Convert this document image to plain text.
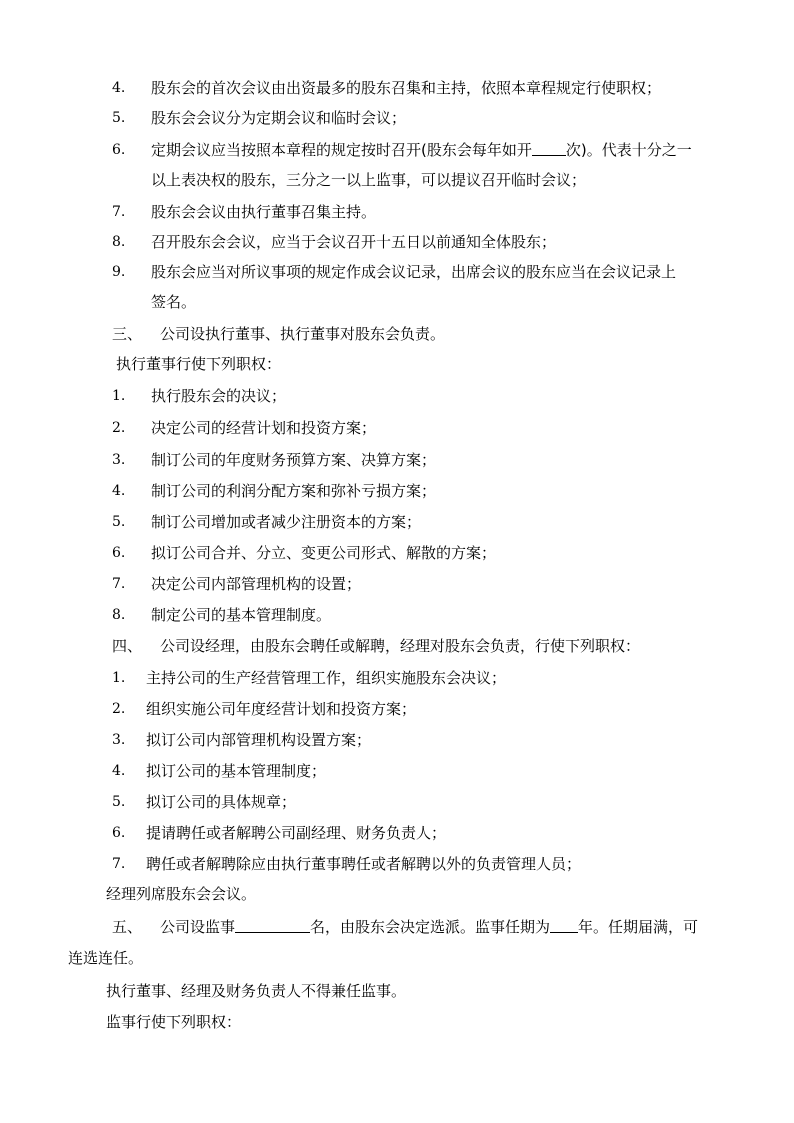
4. 股东会的首次会议由出资最多的股东召集和主持，依照本章程规定行使职权；
5. 股东会会议分为定期会议和临时会议；
6. 定期会议应当按照本章程的规定按时召开(股东会每年如开 次)。代表十分之一
以上表决权的股东，三分之一以上监事，可以提议召开临时会议；
7. 股东会会议由执行董事召集主持。
8. 召开股东会会议，应当于会议召开十五日以前通知全体股东；
9. 股东会应当对所议事项的规定作成会议记录，出席会议的股东应当在会议记录上
签名。
三、 公司设执行董事、执行董事对股东会负责。
执行董事行使下列职权：
1. 执行股东会的决议；
2. 决定公司的经营计划和投资方案；
3. 制订公司的年度财务预算方案、决算方案；
4. 制订公司的利润分配方案和弥补亏损方案；
5. 制订公司增加或者减少注册资本的方案；
6. 拟订公司合并、分立、变更公司形式、解散的方案；
7. 决定公司内部管理机构的设置；
8. 制定公司的基本管理制度。
四、 公司设经理，由股东会聘任或解聘，经理对股东会负责，行使下列职权：
1. 主持公司的生产经营管理工作，组织实施股东会决议；
2. 组织实施公司年度经营计划和投资方案；
3. 拟订公司内部管理机构设置方案；
4. 拟订公司的基本管理制度；
5. 拟订公司的具体规章；
6. 提请聘任或者解聘公司副经理、财务负责人；
7. 聘任或者解聘除应由执行董事聘任或者解聘以外的负责管理人员；
经理列席股东会会议。
五、 公司设监事	名，由股东会决定选派。监事任期为 年。任期届满，可
连选连任。
执行董事、经理及财务负责人不得兼任监事。
监事行使下列职权：
